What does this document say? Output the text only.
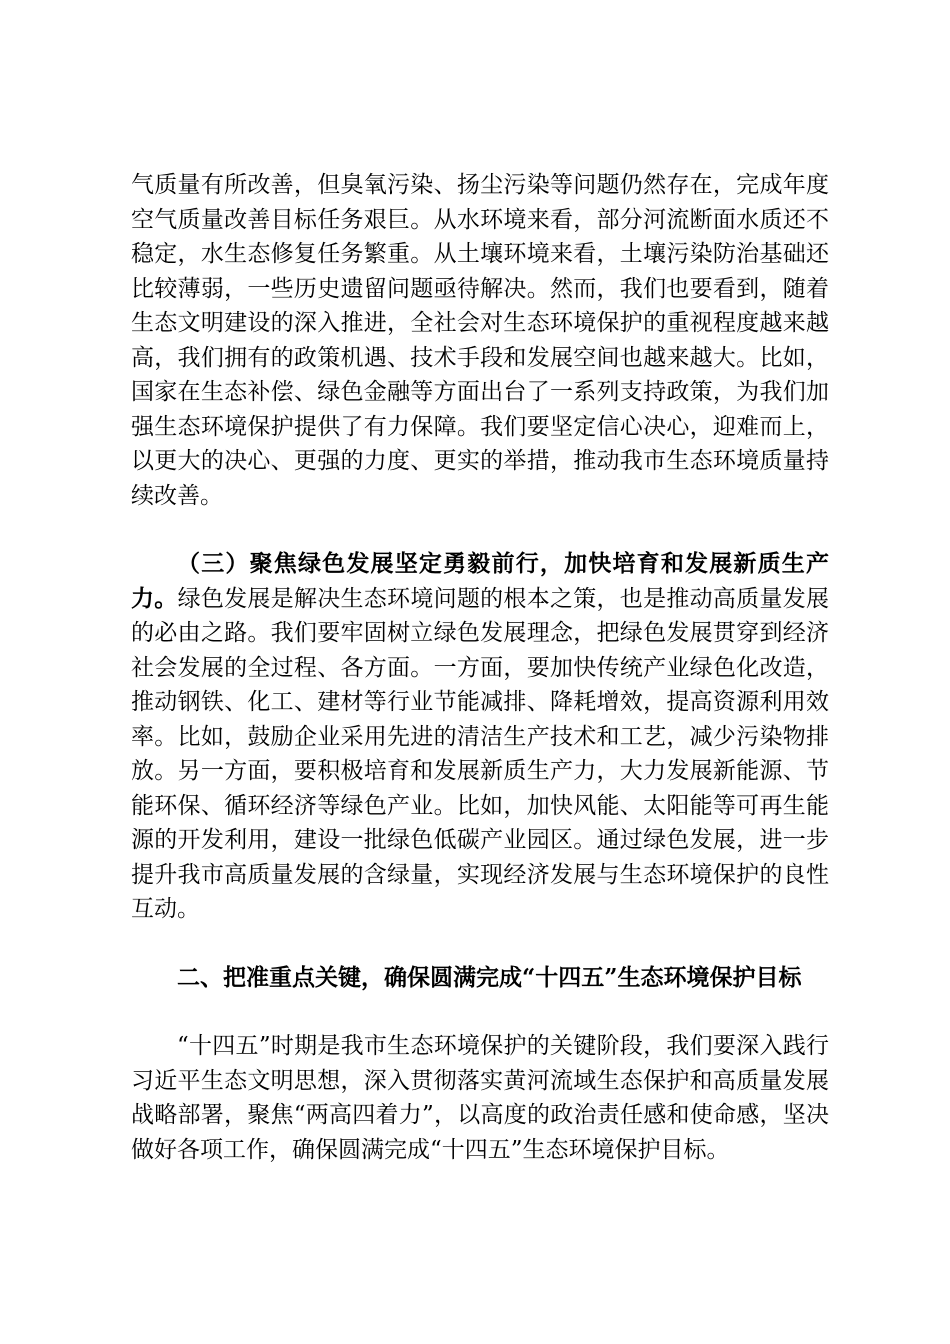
气质量有所改善，但臭氧污染、扬尘污染等问题仍然存在，完成年度空气质量改善目标任务艰巨。从水环境来看，部分河流断面水质还不稳定，水生态修复任务繁重。从土壤环境来看，土壤污染防治基础还比较薄弱，一些历史遗留问题亟待解决。然而，我们也要看到，随着生态文明建设的深入推进，全社会对生态环境保护的重视程度越来越高，我们拥有的政策机遇、技术手段和发展空间也越来越大。比如，国家在生态补偿、绿色金融等方面出台了一系列支持政策，为我们加强生态环境保护提供了有力保障。我们要坚定信心决心，迎难而上，以更大的决心、更强的力度、更实的举措，推动我市生态环境质量持续改善。

（三）聚焦绿色发展坚定勇毅前行，加快培育和发展新质生产力。绿色发展是解决生态环境问题的根本之策，也是推动高质量发展的必由之路。我们要牢固树立绿色发展理念，把绿色发展贯穿到经济社会发展的全过程、各方面。一方面，要加快传统产业绿色化改造，推动钢铁、化工、建材等行业节能减排、降耗增效，提高资源利用效率。比如，鼓励企业采用先进的清洁生产技术和工艺，减少污染物排放。另一方面，要积极培育和发展新质生产力，大力发展新能源、节能环保、循环经济等绿色产业。比如，加快风能、太阳能等可再生能源的开发利用，建设一批绿色低碳产业园区。通过绿色发展，进一步提升我市高质量发展的含绿量，实现经济发展与生态环境保护的良性互动。

二、把准重点关键，确保圆满完成“十四五”生态环境保护目标

“十四五”时期是我市生态环境保护的关键阶段，我们要深入践行习近平生态文明思想，深入贯彻落实黄河流域生态保护和高质量发展战略部署，聚焦“两高四着力”，以高度的政治责任感和使命感，坚决做好各项工作，确保圆满完成“十四五”生态环境保护目标。
